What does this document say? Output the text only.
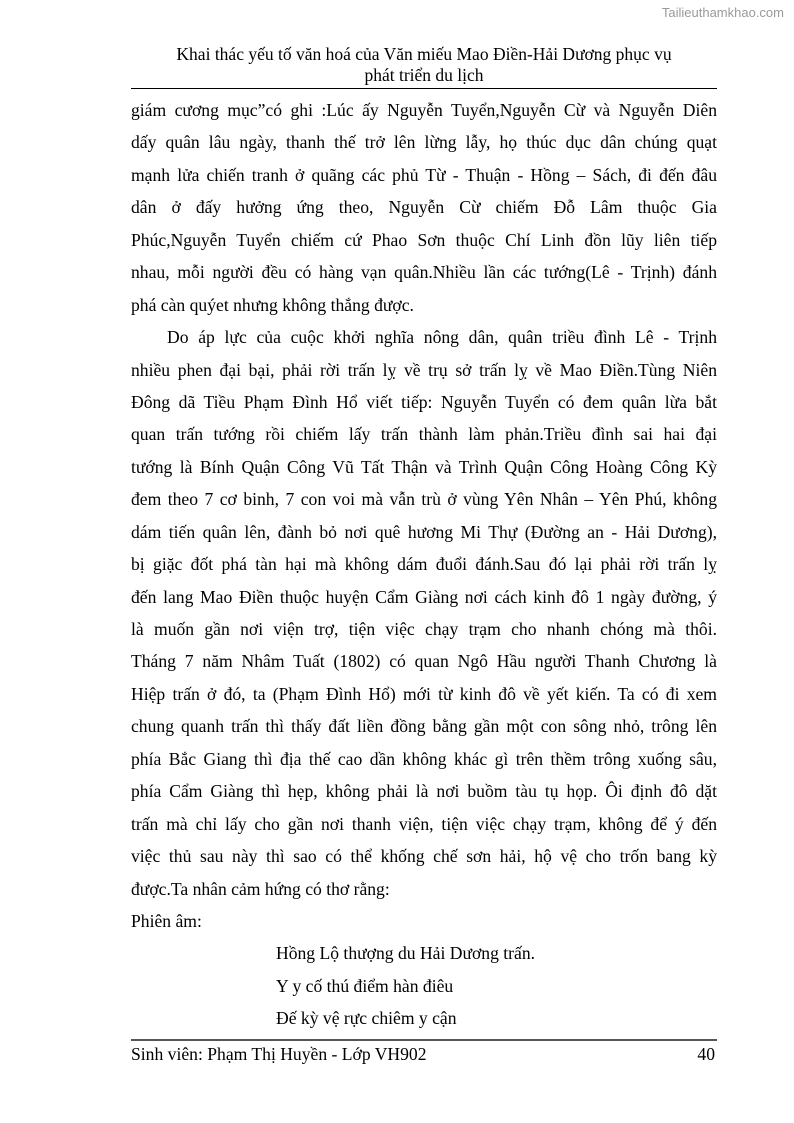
Tailieuthamkhao.com
Khai thác yếu tố văn hoá của Văn miếu Mao Điền-Hải Dương phục vụ
phát triển du lịch
giám cương mục”có ghi :Lúc ấy Nguyễn Tuyển,Nguyễn Cừ và Nguyễn Diên
dấy quân lâu ngày, thanh thế trở lên lừng lẫy, họ thúc dục dân chúng quạt
mạnh lửa chiến tranh ở quãng các phủ Từ - Thuận - Hồng – Sách, đi đến đâu
dân ở đấy hưởng ứng theo, Nguyễn Cừ chiếm Đỗ Lâm thuộc Gia
Phúc,Nguyễn Tuyển chiếm cứ Phao Sơn thuộc Chí Linh đồn lũy liên tiếp
nhau, mỗi người đều có hàng vạn quân.Nhiều lần các tướng(Lê - Trịnh) đánh
phá càn quýet nhưng không thắng được.
Do áp lực của cuộc khởi nghĩa nông dân, quân triều đình Lê - Trịnh
nhiều phen đại bại, phải rời trấn lỵ về trụ sở trấn lỵ về Mao Điền.Tùng Niên
Đông dã Tiều Phạm Đình Hổ viết tiếp: Nguyễn Tuyển có đem quân lừa bắt
quan trấn tướng rồi chiếm lấy trấn thành làm phản.Triều đình sai hai đại
tướng là Bính Quận Công Vũ Tất Thận và Trình Quận Công Hoàng Công Kỳ
đem theo 7 cơ binh, 7 con voi mà vẫn trù ở vùng Yên Nhân – Yên Phú, không
dám tiến quân lên, đành bỏ nơi quê hương Mi Thự (Đường an - Hải Dương),
bị giặc đốt phá tàn hại mà không dám đuổi đánh.Sau đó lại phải rời trấn lỵ
đến lang Mao Điền thuộc huyện Cẩm Giàng nơi cách kinh đô 1 ngày đường, ý
là muốn gần nơi viện trợ, tiện việc chạy trạm cho nhanh chóng mà thôi.
Tháng 7 năm Nhâm Tuất (1802) có quan Ngô Hầu người Thanh Chương là
Hiệp trấn ở đó, ta (Phạm Đình Hổ) mới từ kinh đô về yết kiến. Ta có đi xem
chung quanh trấn thì thấy đất liền đồng bằng gần một con sông nhỏ, trông lên
phía Bắc Giang thì địa thế cao dần không khác gì trên thềm trông xuống sâu,
phía Cẩm Giàng thì hẹp, không phải là nơi buồm tàu tụ họp. Ôi định đô dặt
trấn mà chỉ lấy cho gần nơi thanh viện, tiện việc chạy trạm, không để ý đến
việc thủ sau này thì sao có thể khống chế sơn hải, hộ vệ cho trốn bang kỳ
được.Ta nhân cảm hứng có thơ rằng:
Phiên âm:
Hồng Lộ thượng du Hải Dương trấn.
Y y cố thú điểm hàn điêu
Đế kỳ vệ rực chiêm y cận
Sinh viên: Phạm Thị Huyền - Lớp VH902	40
